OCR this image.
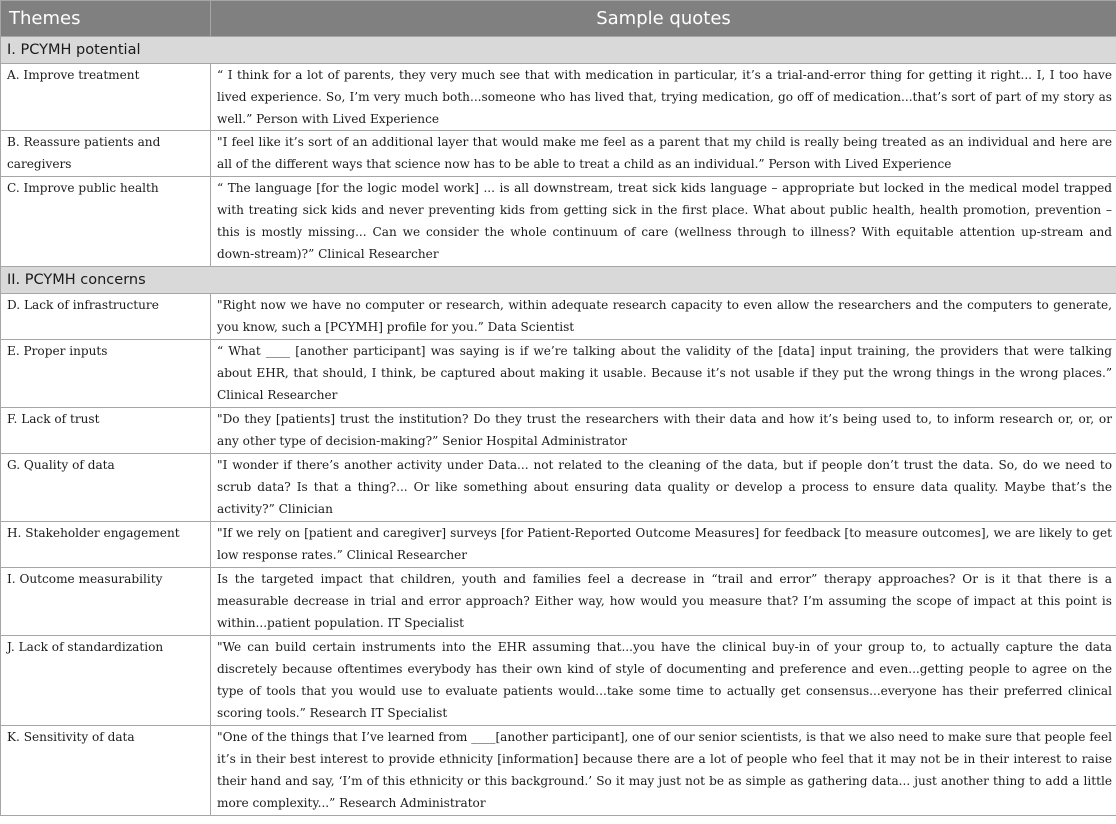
Themes	Sample quotes
I. PCYMH potential	
A. Improve treatment	“ I think for a lot of parents, they very much see that with medication in particular, it’s a trial-and-error thing for getting it right... I, I too have lived experience. So, I’m very much both...someone who has lived that, trying medication, go off of medication...that’s sort of part of my story as well.” Person with Lived Experience
B. Reassure patients and caregivers	"I feel like it’s sort of an additional layer that would make me feel as a parent that my child is really being treated as an individual and here are all of the different ways that science now has to be able to treat a child as an individual.” Person with Lived Experience
C. Improve public health	“ The language [for the logic model work] ... is all downstream, treat sick kids language – appropriate but locked in the medical model trapped with treating sick kids and never preventing kids from getting sick in the first place. What about public health, health promotion, prevention – this is mostly missing... Can we consider the whole continuum of care (wellness through to illness? With equitable attention up-stream and down-stream)?” Clinical Researcher
II. PCYMH concerns	
D. Lack of infrastructure	"Right now we have no computer or research, within adequate research capacity to even allow the researchers and the computers to generate, you know, such a [PCYMH] profile for you.” Data Scientist
E. Proper inputs	“ What ____ [another participant] was saying is if we’re talking about the validity of the [data] input training, the providers that were talking about EHR, that should, I think, be captured about making it usable. Because it’s not usable if they put the wrong things in the wrong places.” Clinical Researcher
F. Lack of trust	"Do they [patients] trust the institution? Do they trust the researchers with their data and how it’s being used to, to inform research or, or, or any other type of decision-making?” Senior Hospital Administrator
G. Quality of data	"I wonder if there’s another activity under Data... not related to the cleaning of the data, but if people don’t trust the data. So, do we need to scrub data? Is that a thing?... Or like something about ensuring data quality or develop a process to ensure data quality. Maybe that’s the activity?” Clinician
H. Stakeholder engagement	"If we rely on [patient and caregiver] surveys [for Patient-Reported Outcome Measures] for feedback [to measure outcomes], we are likely to get low response rates.” Clinical Researcher
I. Outcome measurability	Is the targeted impact that children, youth and families feel a decrease in “trail and error” therapy approaches? Or is it that there is a measurable decrease in trial and error approach? Either way, how would you measure that? I’m assuming the scope of impact at this point is within...patient population. IT Specialist
J. Lack of standardization	"We can build certain instruments into the EHR assuming that...you have the clinical buy-in of your group to, to actually capture the data discretely because oftentimes everybody has their own kind of style of documenting and preference and even...getting people to agree on the type of tools that you would use to evaluate patients would...take some time to actually get consensus...everyone has their preferred clinical scoring tools.” Research IT Specialist
K. Sensitivity of data	"One of the things that I’ve learned from ____[another participant], one of our senior scientists, is that we also need to make sure that people feel it’s in their best interest to provide ethnicity [information] because there are a lot of people who feel that it may not be in their interest to raise their hand and say, ‘I’m of this ethnicity or this background.’ So it may just not be as simple as gathering data... just another thing to add a little more complexity...” Research Administrator
